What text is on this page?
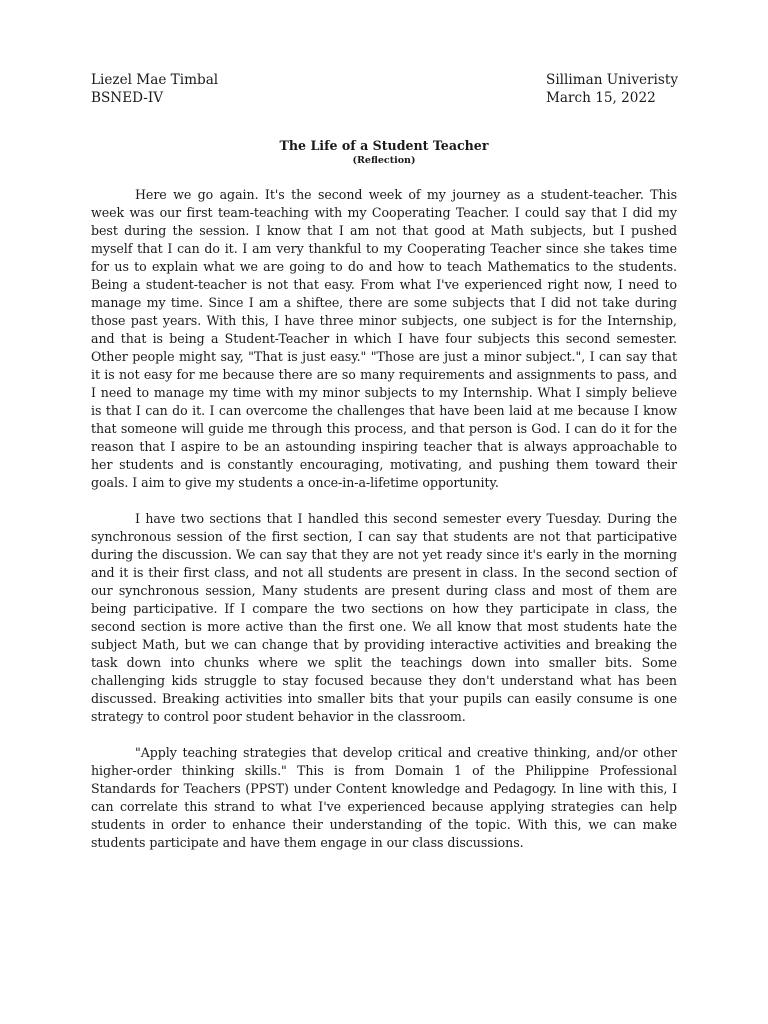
Liezel Mae Timbal
BSNED-IV
Silliman Univeristy
March 15, 2022
The Life of a Student Teacher
(Reflection)

Here we go again. It's the second week of my journey as a student-teacher. This week was our first team-teaching with my Cooperating Teacher. I could say that I did my best during the session. I know that I am not that good at Math subjects, but I pushed myself that I can do it. I am very thankful to my Cooperating Teacher since she takes time for us to explain what we are going to do and how to teach Mathematics to the students. Being a student-teacher is not that easy. From what I've experienced right now, I need to manage my time. Since I am a shiftee, there are some subjects that I did not take during those past years. With this, I have three minor subjects, one subject is for the Internship, and that is being a Student-Teacher in which I have four subjects this second semester. Other people might say, "That is just easy." "Those are just a minor subject.", I can say that it is not easy for me because there are so many requirements and assignments to pass, and I need to manage my time with my minor subjects to my Internship. What I simply believe is that I can do it. I can overcome the challenges that have been laid at me because I know that someone will guide me through this process, and that person is God. I can do it for the reason that I aspire to be an astounding inspiring teacher that is always approachable to her students and is constantly encouraging, motivating, and pushing them toward their goals. I aim to give my students a once-in-a-lifetime opportunity.

I have two sections that I handled this second semester every Tuesday. During the synchronous session of the first section, I can say that students are not that participative during the discussion. We can say that they are not yet ready since it's early in the morning and it is their first class, and not all students are present in class. In the second section of our synchronous session, Many students are present during class and most of them are being participative. If I compare the two sections on how they participate in class, the second section is more active than the first one. We all know that most students hate the subject Math, but we can change that by providing interactive activities and breaking the task down into chunks where we split the teachings down into smaller bits. Some challenging kids struggle to stay focused because they don't understand what has been discussed. Breaking activities into smaller bits that your pupils can easily consume is one strategy to control poor student behavior in the classroom.

"Apply teaching strategies that develop critical and creative thinking, and/or other higher-order thinking skills." This is from Domain 1 of the Philippine Professional Standards for Teachers (PPST) under Content knowledge and Pedagogy. In line with this, I can correlate this strand to what I've experienced because applying strategies can help students in order to enhance their understanding of the topic. With this, we can make students participate and have them engage in our class discussions.
